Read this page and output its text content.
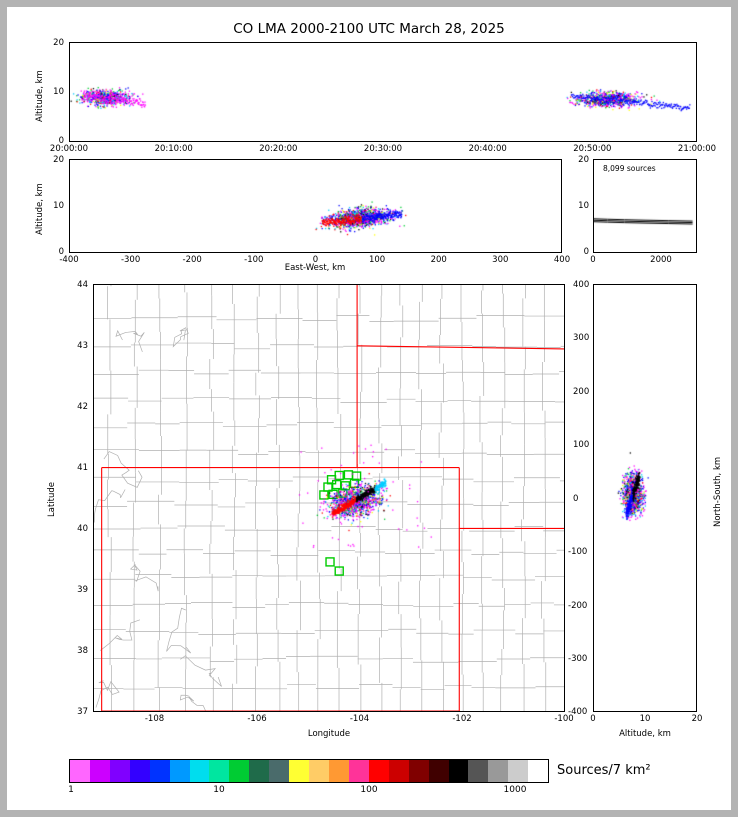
CO LMA 2000-2100 UTC March 28, 2025
0
10
20
Altitude, km
20:00:00	20:10:00	20:20:00	20:30:00	20:40:00	20:50:00	21:00:00
0
10
20
Altitude, km
-400	-300	-200	-100	0	100	200	300	400
East-West, km
8,099 sources
0
10
20
0	2000
44
43
42
41
40
39
38
37
Latitude
-108	-106	-104	-102	-100
Longitude
400
300
200
100
0
-100
-200
-300
-400
North-South, km
0	10	20
Altitude, km
1	10	100	1000
Sources/7 km²
